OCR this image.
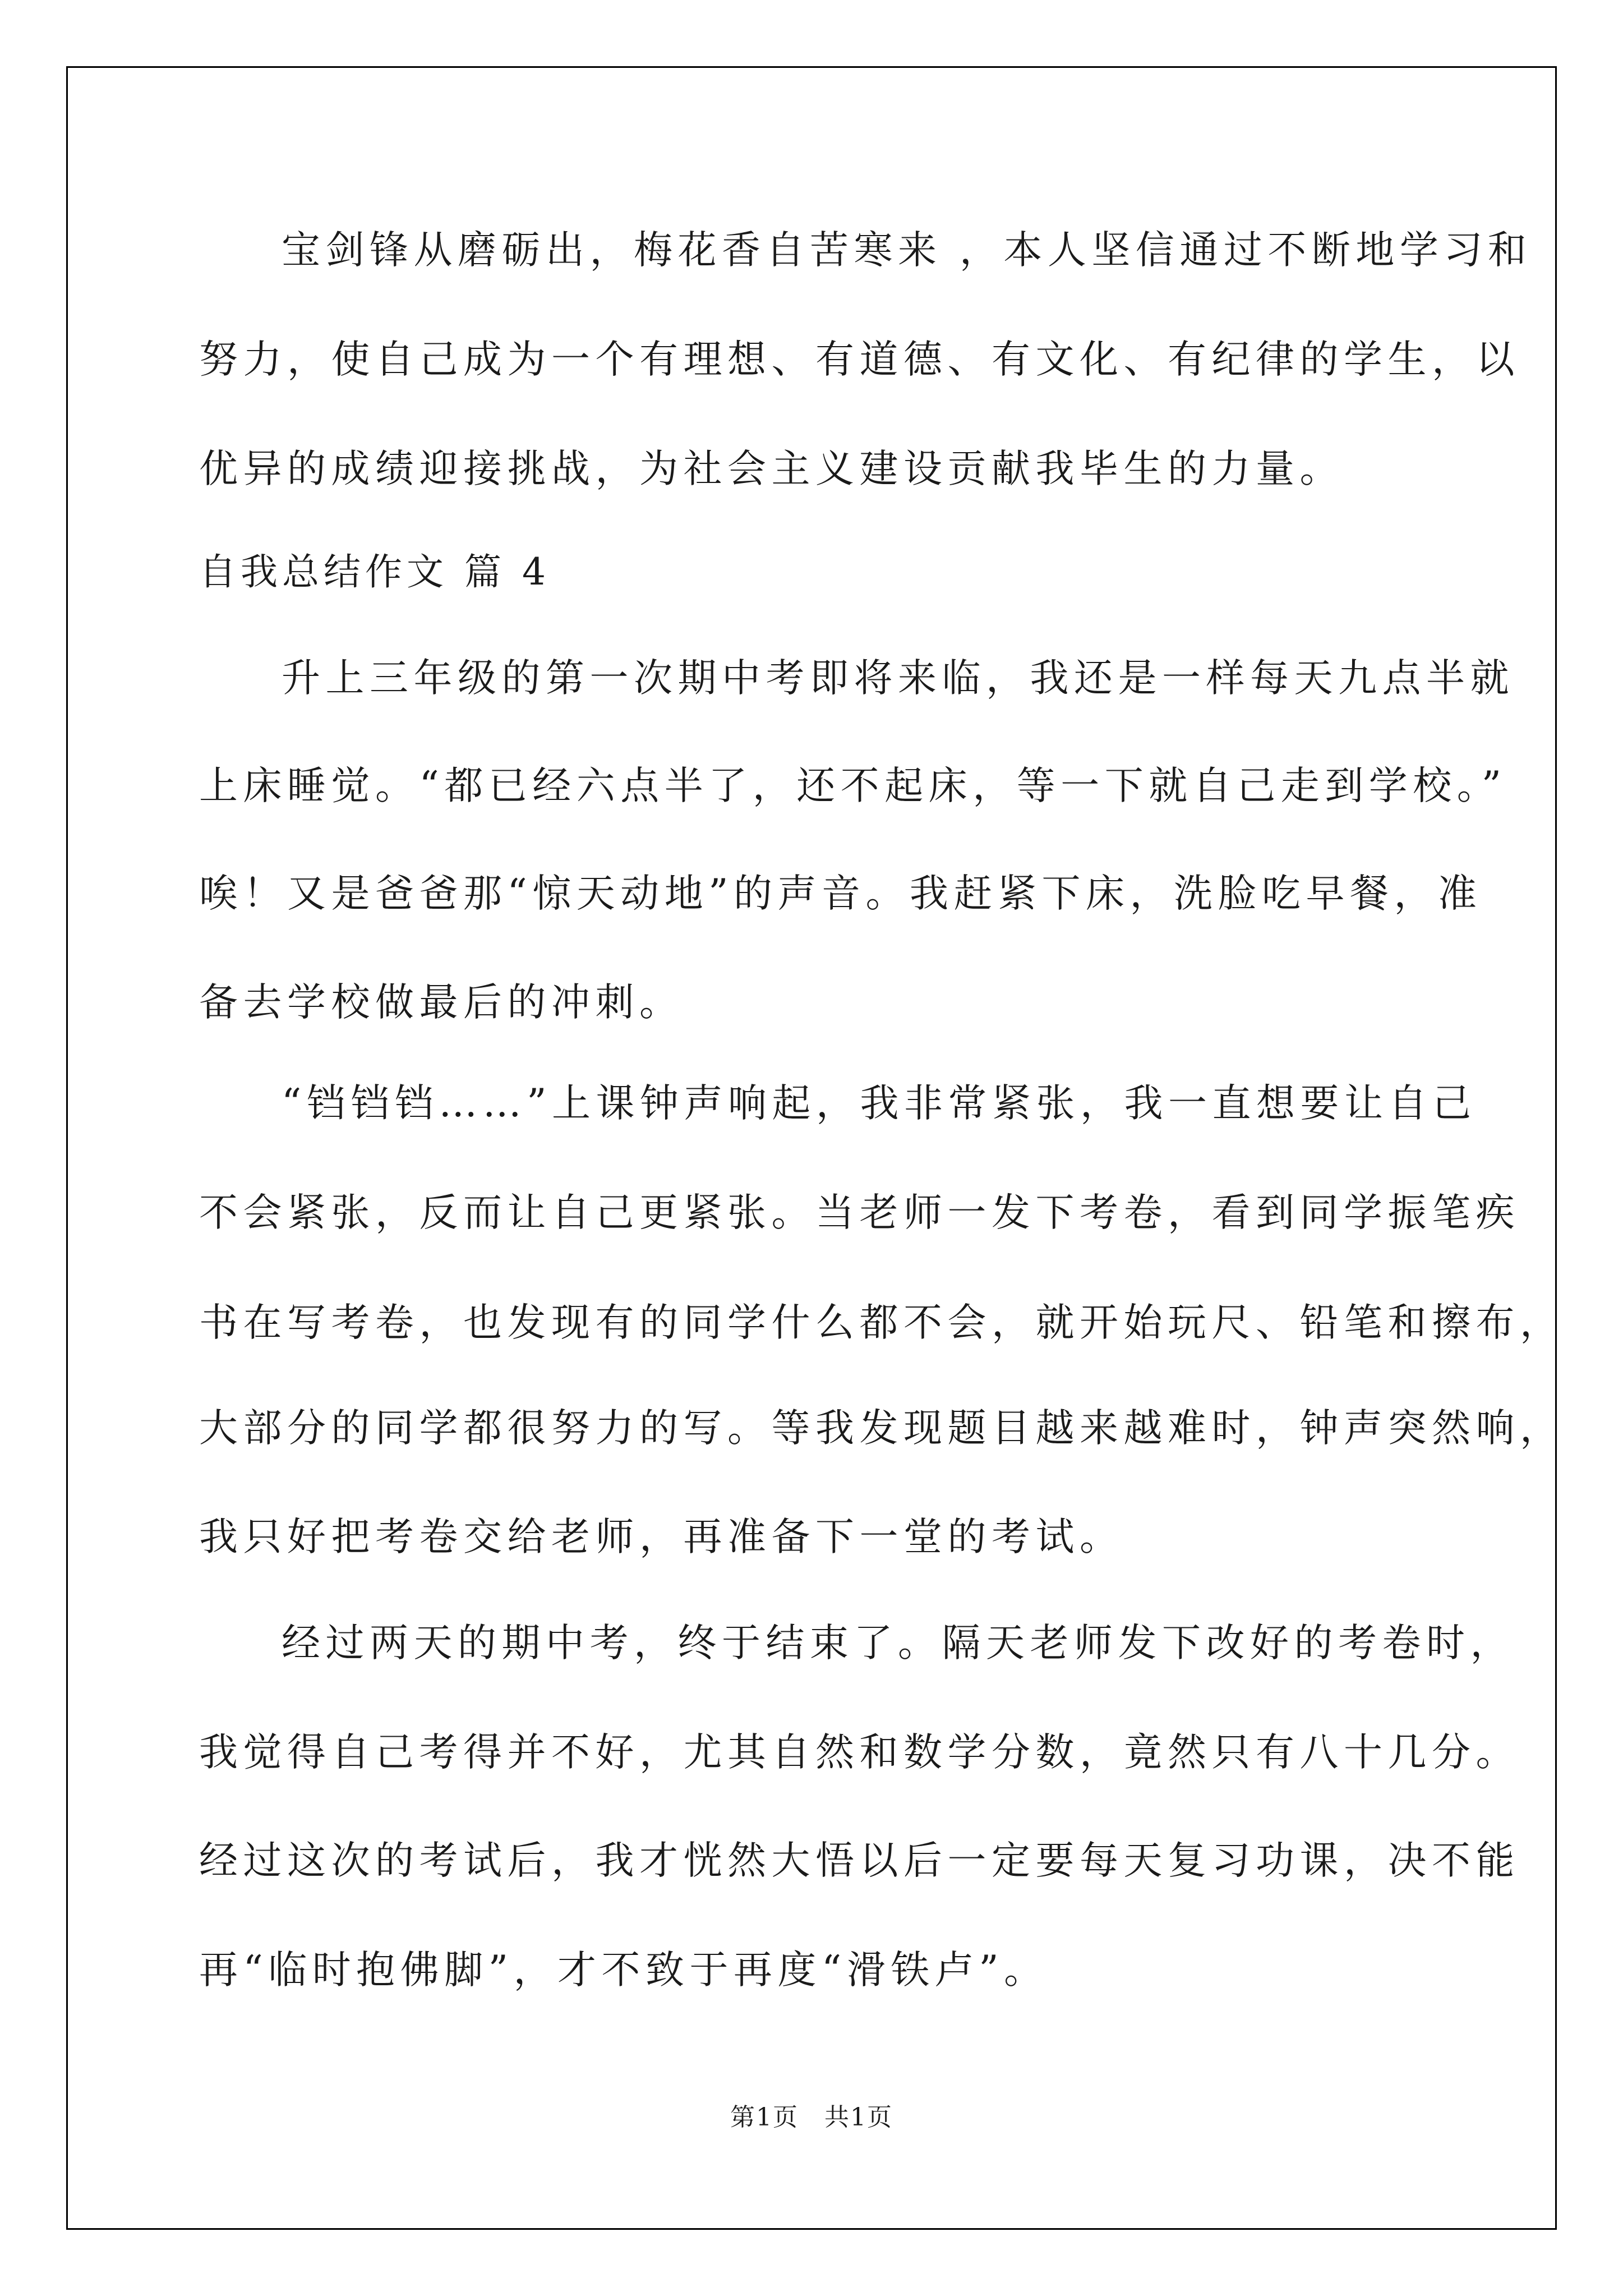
宝剑锋从磨砺出，梅花香自苦寒来 ，本人坚信通过不断地学习和
努力，使自己成为一个有理想、有道德、有文化、有纪律的学生，以
优异的成绩迎接挑战，为社会主义建设贡献我毕生的力量。
自我总结作文 篇 4
升上三年级的第一次期中考即将来临，我还是一样每天九点半就
上床睡觉。“都已经六点半了，还不起床，等一下就自己走到学校。”
唉！又是爸爸那“惊天动地”的声音。我赶紧下床，洗脸吃早餐，准
备去学校做最后的冲刺。
“铛铛铛……”上课钟声响起，我非常紧张，我一直想要让自己
不会紧张，反而让自己更紧张。当老师一发下考卷，看到同学振笔疾
书在写考卷，也发现有的同学什么都不会，就开始玩尺、铅笔和擦布，
大部分的同学都很努力的写。等我发现题目越来越难时，钟声突然响，
我只好把考卷交给老师，再准备下一堂的考试。
经过两天的期中考，终于结束了。隔天老师发下改好的考卷时，
我觉得自己考得并不好，尤其自然和数学分数，竟然只有八十几分。
经过这次的考试后，我才恍然大悟以后一定要每天复习功课，决不能
再“临时抱佛脚”，才不致于再度“滑铁卢”。
第1页 共1页
